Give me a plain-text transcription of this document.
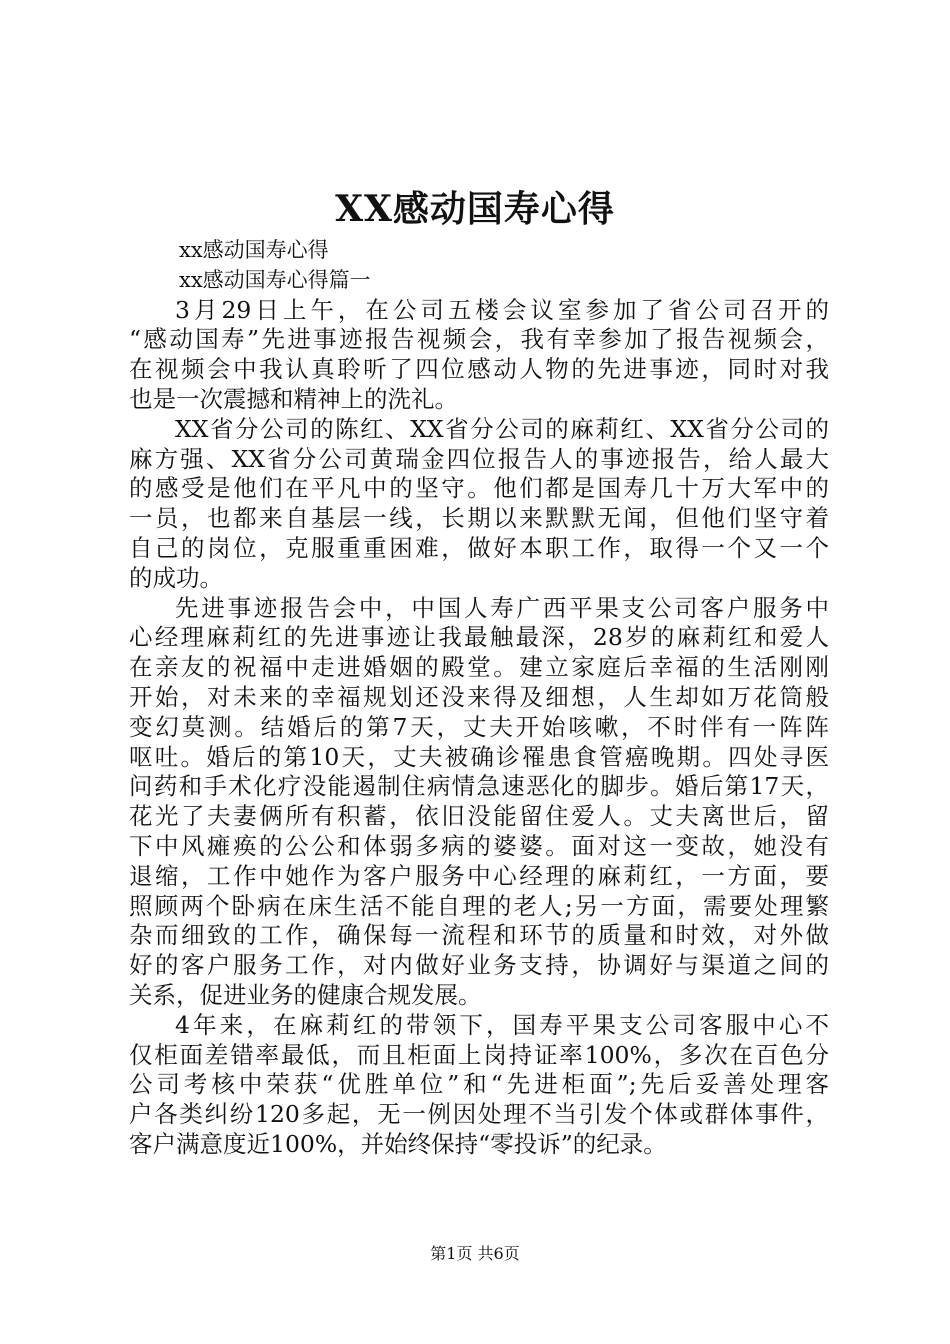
XX感动国寿心得
xx感动国寿心得
xx感动国寿心得篇一
3月29日上午，在公司五楼会议室参加了省公司召开的
“感动国寿”先进事迹报告视频会，我有幸参加了报告视频会，
在视频会中我认真聆听了四位感动人物的先进事迹，同时对我
也是一次震撼和精神上的洗礼。
XX省分公司的陈红、XX省分公司的麻莉红、XX省分公司的
麻方强、XX省分公司黄瑞金四位报告人的事迹报告，给人最大
的感受是他们在平凡中的坚守。他们都是国寿几十万大军中的
一员，也都来自基层一线，长期以来默默无闻，但他们坚守着
自己的岗位，克服重重困难，做好本职工作，取得一个又一个
的成功。
先进事迹报告会中，中国人寿广西平果支公司客户服务中
心经理麻莉红的先进事迹让我最触最深，28岁的麻莉红和爱人
在亲友的祝福中走进婚姻的殿堂。建立家庭后幸福的生活刚刚
开始，对未来的幸福规划还没来得及细想，人生却如万花筒般
变幻莫测。结婚后的第7天，丈夫开始咳嗽，不时伴有一阵阵
呕吐。婚后的第10天，丈夫被确诊罹患食管癌晚期。四处寻医
问药和手术化疗没能遏制住病情急速恶化的脚步。婚后第17天，
花光了夫妻俩所有积蓄，依旧没能留住爱人。丈夫离世后，留
下中风瘫痪的公公和体弱多病的婆婆。面对这一变故，她没有
退缩，工作中她作为客户服务中心经理的麻莉红，一方面，要
照顾两个卧病在床生活不能自理的老人;另一方面，需要处理繁
杂而细致的工作，确保每一流程和环节的质量和时效，对外做
好的客户服务工作，对内做好业务支持，协调好与渠道之间的
关系，促进业务的健康合规发展。
4年来，在麻莉红的带领下，国寿平果支公司客服中心不
仅柜面差错率最低，而且柜面上岗持证率100%，多次在百色分
公司考核中荣获“优胜单位”和“先进柜面”;先后妥善处理客
户各类纠纷120多起，无一例因处理不当引发个体或群体事件，
客户满意度近100%，并始终保持“零投诉”的纪录。
第1页 共6页
